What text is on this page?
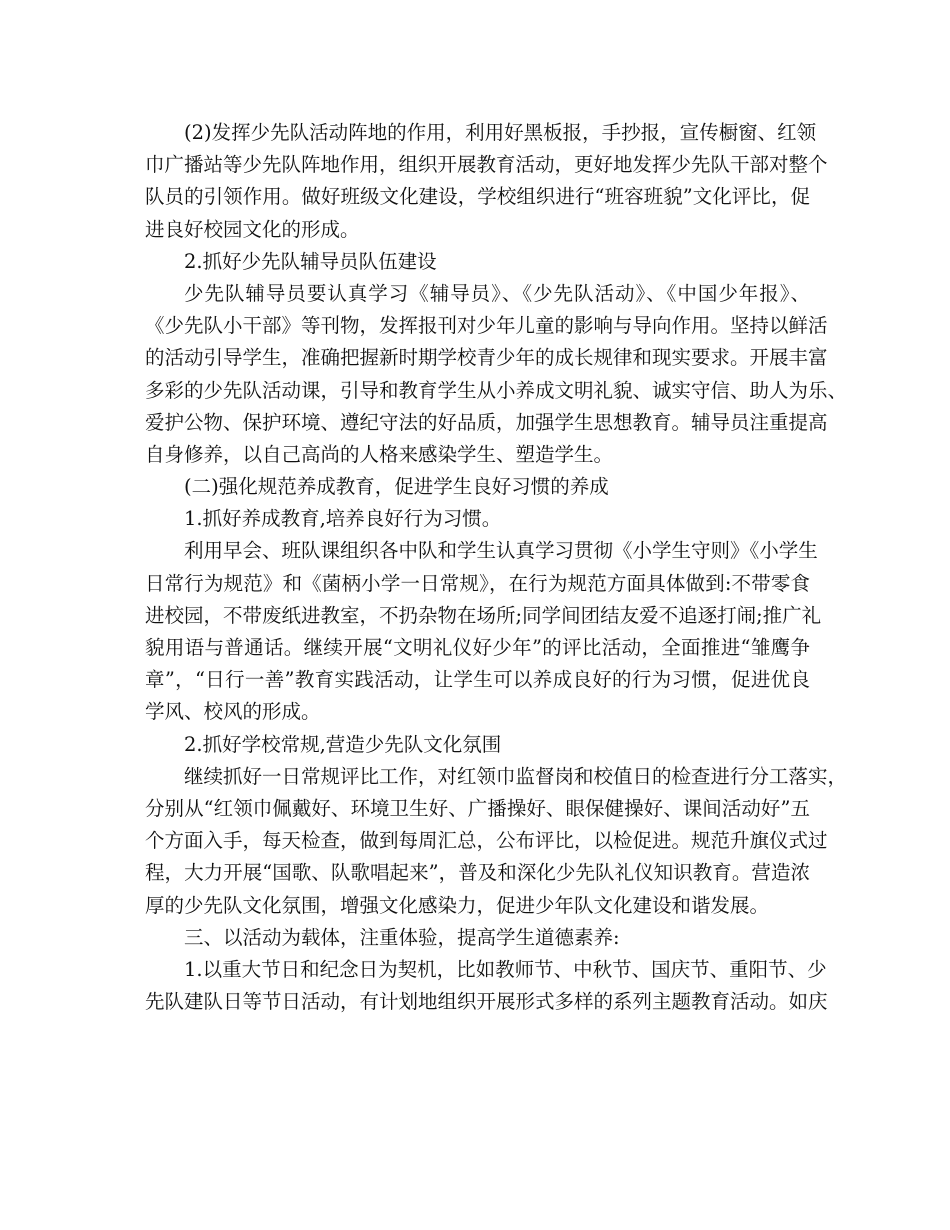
(2)发挥少先队活动阵地的作用，利用好黑板报，手抄报，宣传橱窗、红领
巾广播站等少先队阵地作用，组织开展教育活动，更好地发挥少先队干部对整个
队员的引领作用。做好班级文化建设，学校组织进行“班容班貌”文化评比，促
进良好校园文化的形成。
2.抓好少先队辅导员队伍建设
少先队辅导员要认真学习《辅导员》、《少先队活动》、《中国少年报》、
《少先队小干部》等刊物，发挥报刊对少年儿童的影响与导向作用。坚持以鲜活
的活动引导学生，准确把握新时期学校青少年的成长规律和现实要求。开展丰富
多彩的少先队活动课，引导和教育学生从小养成文明礼貌、诚实守信、助人为乐、
爱护公物、保护环境、遵纪守法的好品质，加强学生思想教育。辅导员注重提高
自身修养，以自己高尚的人格来感染学生、塑造学生。
(二)强化规范养成教育，促进学生良好习惯的养成
1.抓好养成教育,培养良好行为习惯。
利用早会、班队课组织各中队和学生认真学习贯彻《小学生守则》《小学生
日常行为规范》和《菌柄小学一日常规》，在行为规范方面具体做到:不带零食
进校园，不带废纸进教室，不扔杂物在场所;同学间团结友爱不追逐打闹;推广礼
貌用语与普通话。继续开展“文明礼仪好少年”的评比活动，全面推进“雏鹰争
章”，“日行一善”教育实践活动，让学生可以养成良好的行为习惯，促进优良
学风、校风的形成。
2.抓好学校常规,营造少先队文化氛围
继续抓好一日常规评比工作，对红领巾监督岗和校值日的检查进行分工落实，
分别从“红领巾佩戴好、环境卫生好、广播操好、眼保健操好、课间活动好”五
个方面入手，每天检查，做到每周汇总，公布评比，以检促进。规范升旗仪式过
程，大力开展“国歌、队歌唱起来”，普及和深化少先队礼仪知识教育。营造浓
厚的少先队文化氛围，增强文化感染力，促进少年队文化建设和谐发展。
三、以活动为载体，注重体验，提高学生道德素养:
1.以重大节日和纪念日为契机，比如教师节、中秋节、国庆节、重阳节、少
先队建队日等节日活动，有计划地组织开展形式多样的系列主题教育活动。如庆
